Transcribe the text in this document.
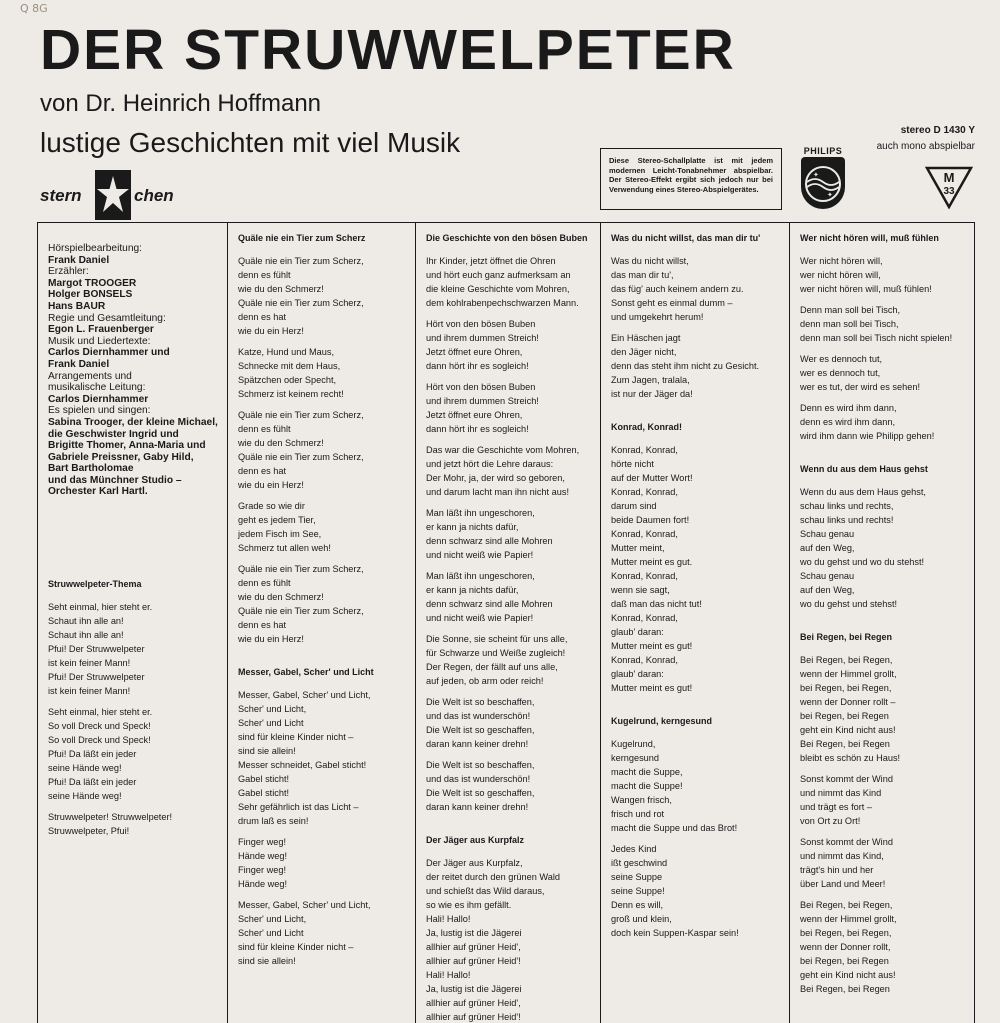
Q 8G
DER STRUWWELPETER
von Dr. Heinrich Hoffmann
lustige Geschichten mit viel Musik
stern	chen
Diese Stereo-Schallplatte ist mit jedem modernen Leicht-Tonabnehmer abspielbar. Der Stereo-Effekt ergibt sich jedoch nur bei Verwendung eines Stereo-Abspielgerätes.
PHILIPS
✦
✦
stereo D 1430 Y
auch mono abspielbar
M
33
Hörspielbearbeitung:
Frank Daniel
Erzähler:
Margot TROOGER
Holger BONSELS
Hans BAUR
Regie und Gesamtleitung:
Egon L. Frauenberger
Musik und Liedertexte:
Carlos Diernhammer und
Frank Daniel
Arrangements und
musikalische Leitung:
Carlos Diernhammer
Es spielen und singen:
Sabina Trooger, der kleine Michael,
die Geschwister Ingrid und
Brigitte Thomer, Anna-Maria und
Gabriele Preissner, Gaby Hild,
Bart Bartholomae
und das Münchner Studio –
Orchester Karl Hartl.
Struwwelpeter-Thema
Seht einmal, hier steht er.
Schaut ihn alle an!
Schaut ihn alle an!
Pfui! Der Struwwelpeter
ist kein feiner Mann!
Pfui! Der Struwwelpeter
ist kein feiner Mann!
Seht einmal, hier steht er.
So voll Dreck und Speck!
So voll Dreck und Speck!
Pfui! Da läßt ein jeder
seine Hände weg!
Pfui! Da läßt ein jeder
seine Hände weg!
Struwwelpeter! Struwwelpeter!
Struwwelpeter, Pfui!
Quäle nie ein Tier zum Scherz
Quäle nie ein Tier zum Scherz,
denn es fühlt
wie du den Schmerz!
Quäle nie ein Tier zum Scherz,
denn es hat
wie du ein Herz!
Katze, Hund und Maus,
Schnecke mit dem Haus,
Spätzchen oder Specht,
Schmerz ist keinem recht!
Quäle nie ein Tier zum Scherz,
denn es fühlt
wie du den Schmerz!
Quäle nie ein Tier zum Scherz,
denn es hat
wie du ein Herz!
Grade so wie dir
geht es jedem Tier,
jedem Fisch im See,
Schmerz tut allen weh!
Quäle nie ein Tier zum Scherz,
denn es fühlt
wie du den Schmerz!
Quäle nie ein Tier zum Scherz,
denn es hat
wie du ein Herz!
Messer, Gabel, Scher' und Licht
Messer, Gabel, Scher' und Licht,
Scher' und Licht,
Scher' und Licht
sind für kleine Kinder nicht –
sind sie allein!
Messer schneidet, Gabel sticht!
Gabel sticht!
Gabel sticht!
Sehr gefährlich ist das Licht –
drum laß es sein!
Finger weg!
Hände weg!
Finger weg!
Hände weg!
Messer, Gabel, Scher' und Licht,
Scher' und Licht,
Scher' und Licht
sind für kleine Kinder nicht –
sind sie allein!
Die Geschichte von den bösen Buben
Ihr Kinder, jetzt öffnet die Ohren
und hört euch ganz aufmerksam an
die kleine Geschichte vom Mohren,
dem kohlrabenpechschwarzen Mann.
Hört von den bösen Buben
und ihrem dummen Streich!
Jetzt öffnet eure Ohren,
dann hört ihr es sogleich!
Hört von den bösen Buben
und ihrem dummen Streich!
Jetzt öffnet eure Ohren,
dann hört ihr es sogleich!
Das war die Geschichte vom Mohren,
und jetzt hört die Lehre daraus:
Der Mohr, ja, der wird so geboren,
und darum lacht man ihn nicht aus!
Man läßt ihn ungeschoren,
er kann ja nichts dafür,
denn schwarz sind alle Mohren
und nicht weiß wie Papier!
Man läßt ihn ungeschoren,
er kann ja nichts dafür,
denn schwarz sind alle Mohren
und nicht weiß wie Papier!
Die Sonne, sie scheint für uns alle,
für Schwarze und Weiße zugleich!
Der Regen, der fällt auf uns alle,
auf jeden, ob arm oder reich!
Die Welt ist so beschaffen,
und das ist wunderschön!
Die Welt ist so geschaffen,
daran kann keiner drehn!
Die Welt ist so beschaffen,
und das ist wunderschön!
Die Welt ist so geschaffen,
daran kann keiner drehn!
Der Jäger aus Kurpfalz
Der Jäger aus Kurpfalz,
der reitet durch den grünen Wald
und schießt das Wild daraus,
so wie es ihm gefällt.
Hali! Hallo!
Ja, lustig ist die Jägerei
allhier auf grüner Heid',
allhier auf grüner Heid'!
Hali! Hallo!
Ja, lustig ist die Jägerei
allhier auf grüner Heid',
allhier auf grüner Heid'!
Was du nicht willst, das man dir tu'
Was du nicht willst,
das man dir tu',
das füg' auch keinem andern zu.
Sonst geht es einmal dumm –
und umgekehrt herum!
Ein Häschen jagt
den Jäger nicht,
denn das steht ihm nicht zu Gesicht.
Zum Jagen, tralala,
ist nur der Jäger da!
Konrad, Konrad!
Konrad, Konrad,
hörte nicht
auf der Mutter Wort!
Konrad, Konrad,
darum sind
beide Daumen fort!
Konrad, Konrad,
Mutter meint,
Mutter meint es gut.
Konrad, Konrad,
wenn sie sagt,
daß man das nicht tut!
Konrad, Konrad,
glaub' daran:
Mutter meint es gut!
Konrad, Konrad,
glaub' daran:
Mutter meint es gut!
Kugelrund, kerngesund
Kugelrund,
kerngesund
macht die Suppe,
macht die Suppe!
Wangen frisch,
frisch und rot
macht die Suppe und das Brot!
Jedes Kind
ißt geschwind
seine Suppe
seine Suppe!
Denn es will,
groß und klein,
doch kein Suppen-Kaspar sein!
Wer nicht hören will, muß fühlen
Wer nicht hören will,
wer nicht hören will,
wer nicht hören will, muß fühlen!
Denn man soll bei Tisch,
denn man soll bei Tisch,
denn man soll bei Tisch nicht spielen!
Wer es dennoch tut,
wer es dennoch tut,
wer es tut, der wird es sehen!
Denn es wird ihm dann,
denn es wird ihm dann,
wird ihm dann wie Philipp gehen!
Wenn du aus dem Haus gehst
Wenn du aus dem Haus gehst,
schau links und rechts,
schau links und rechts!
Schau genau
auf den Weg,
wo du gehst und wo du stehst!
Schau genau
auf den Weg,
wo du gehst und stehst!
Bei Regen, bei Regen
Bei Regen, bei Regen,
wenn der Himmel grollt,
bei Regen, bei Regen,
wenn der Donner rollt –
bei Regen, bei Regen
geht ein Kind nicht aus!
Bei Regen, bei Regen
bleibt es schön zu Haus!
Sonst kommt der Wind
und nimmt das Kind
und trägt es fort –
von Ort zu Ort!
Sonst kommt der Wind
und nimmt das Kind,
trägt's hin und her
über Land und Meer!
Bei Regen, bei Regen,
wenn der Himmel grollt,
bei Regen, bei Regen,
wenn der Donner rollt,
bei Regen, bei Regen
geht ein Kind nicht aus!
Bei Regen, bei Regen
